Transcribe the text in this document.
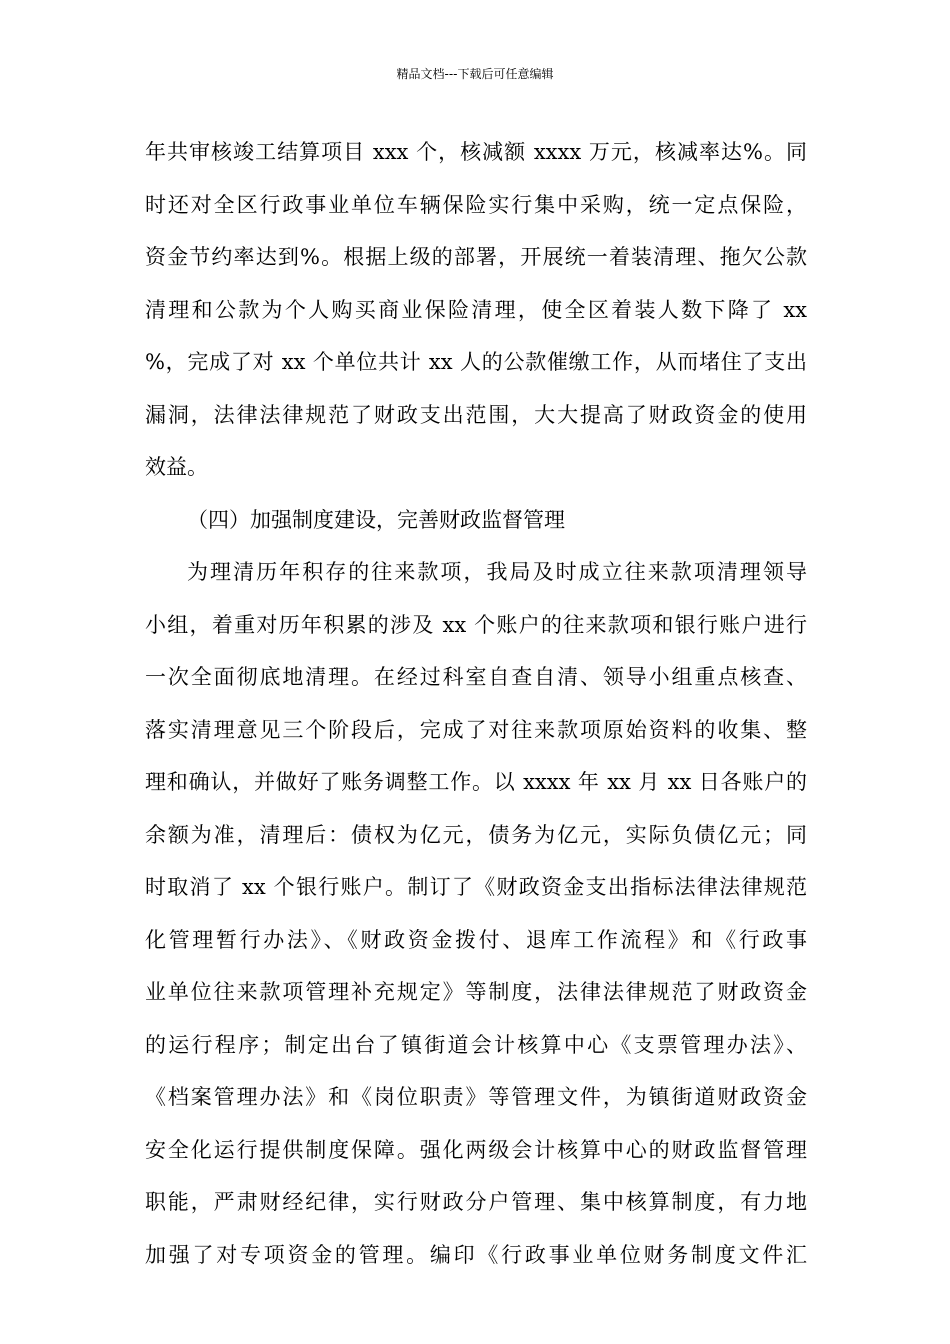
精品文档---下载后可任意编辑
年共审核竣工结算项目 xxx 个，核减额 xxxx 万元，核减率达%。同
时还对全区行政事业单位车辆保险实行集中采购，统一定点保险，
资金节约率达到%。根据上级的部署，开展统一着装清理、拖欠公款
清理和公款为个人购买商业保险清理，使全区着装人数下降了 xx
%，完成了对 xx 个单位共计 xx 人的公款催缴工作，从而堵住了支出
漏洞，法律法律规范了财政支出范围，大大提高了财政资金的使用
效益。
（四）加强制度建设，完善财政监督管理
为理清历年积存的往来款项，我局及时成立往来款项清理领导
小组，着重对历年积累的涉及 xx 个账户的往来款项和银行账户进行
一次全面彻底地清理。在经过科室自查自清、领导小组重点核查、
落实清理意见三个阶段后，完成了对往来款项原始资料的收集、整
理和确认，并做好了账务调整工作。以 xxxx 年 xx 月 xx 日各账户的
余额为准，清理后：债权为亿元，债务为亿元，实际负债亿元；同
时取消了 xx 个银行账户。制订了《财政资金支出指标法律法律规范
化管理暂行办法》、《财政资金拨付、退库工作流程》和《行政事
业单位往来款项管理补充规定》等制度，法律法律规范了财政资金
的运行程序；制定出台了镇街道会计核算中心《支票管理办法》、
《档案管理办法》和《岗位职责》等管理文件，为镇街道财政资金
安全化运行提供制度保障。强化两级会计核算中心的财政监督管理
职能，严肃财经纪律，实行财政分户管理、集中核算制度，有力地
加强了对专项资金的管理。编印《行政事业单位财务制度文件汇
